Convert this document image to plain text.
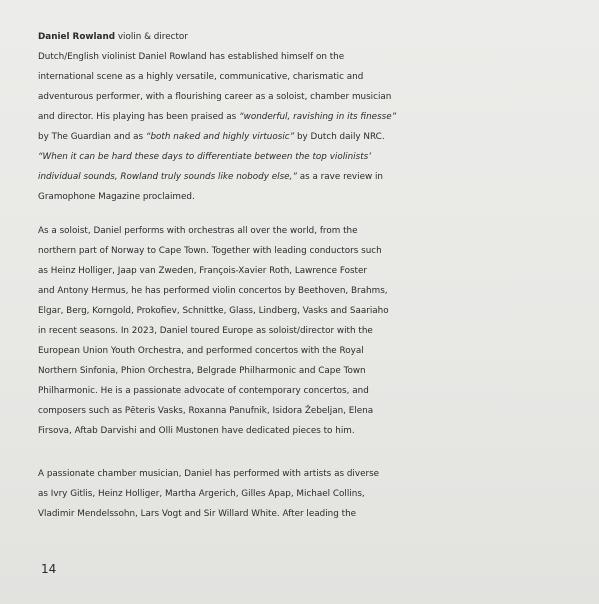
Daniel Rowland violin & director
Dutch/English violinist Daniel Rowland has established himself on the
international scene as a highly versatile, communicative, charismatic and
adventurous performer, with a flourishing career as a soloist, chamber musician
and director. His playing has been praised as “wonderful, ravishing in its finesse”
by The Guardian and as “both naked and highly virtuosic” by Dutch daily NRC.
“When it can be hard these days to differentiate between the top violinists’
individual sounds, Rowland truly sounds like nobody else,” as a rave review in
Gramophone Magazine proclaimed.
As a soloist, Daniel performs with orchestras all over the world, from the
northern part of Norway to Cape Town. Together with leading conductors such
as Heinz Holliger, Jaap van Zweden, François-Xavier Roth, Lawrence Foster
and Antony Hermus, he has performed violin concertos by Beethoven, Brahms,
Elgar, Berg, Korngold, Prokofiev, Schnittke, Glass, Lindberg, Vasks and Saariaho
in recent seasons. In 2023, Daniel toured Europe as soloist/director with the
European Union Youth Orchestra, and performed concertos with the Royal
Northern Sinfonia, Phion Orchestra, Belgrade Philharmonic and Cape Town
Philharmonic. He is a passionate advocate of contemporary concertos, and
composers such as Pēteris Vasks, Roxanna Panufnik, Isidora Žebeljan, Elena
Firsova, Aftab Darvishi and Olli Mustonen have dedicated pieces to him.
A passionate chamber musician, Daniel has performed with artists as diverse
as Ivry Gitlis, Heinz Holliger, Martha Argerich, Gilles Apap, Michael Collins,
Vladimir Mendelssohn, Lars Vogt and Sir Willard White. After leading the
14
